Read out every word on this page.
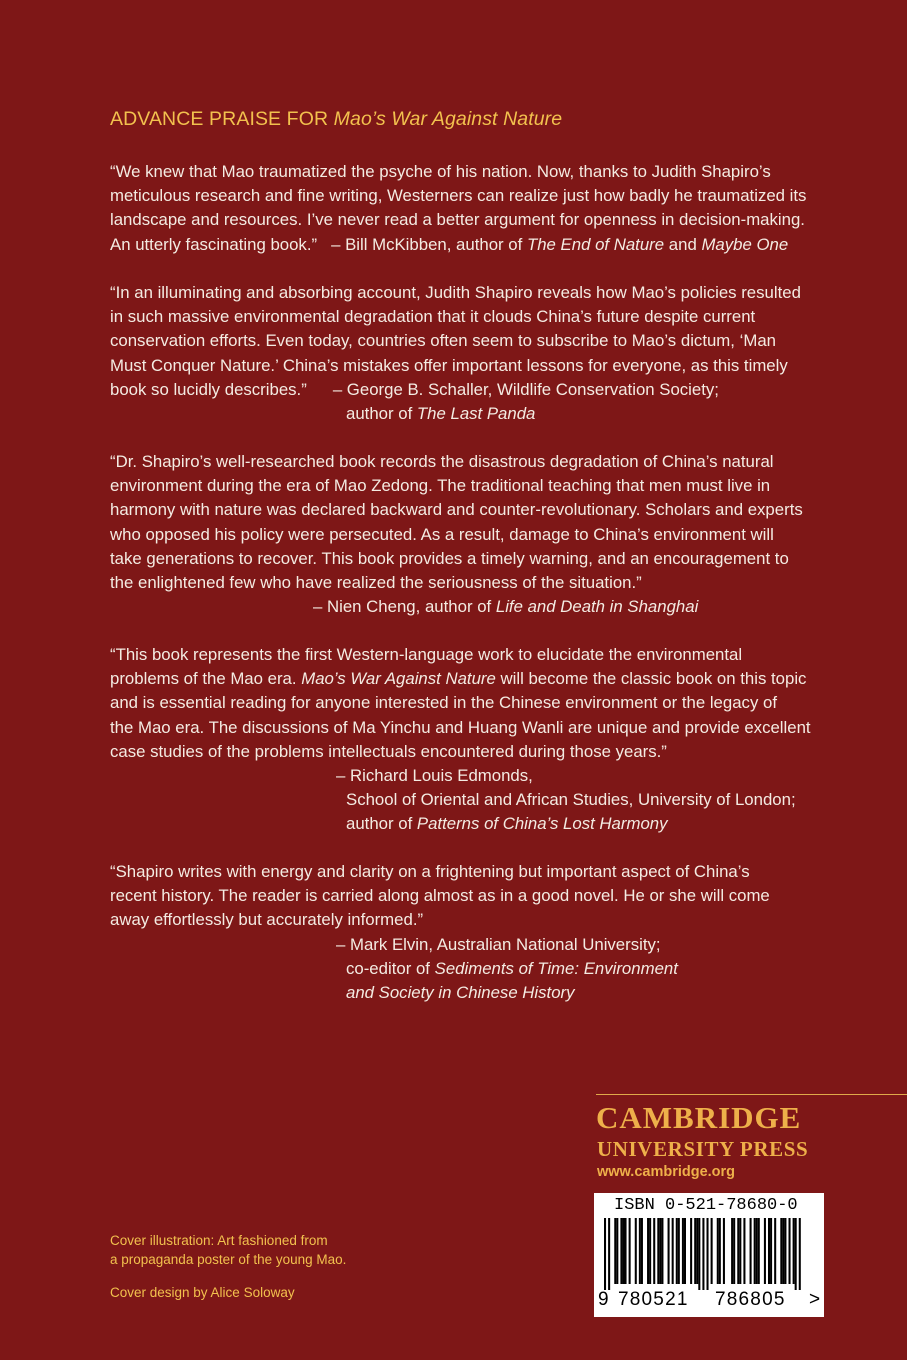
ADVANCE PRAISE FOR Mao’s War Against Nature
“We knew that Mao traumatized the psyche of his nation. Now, thanks to Judith Shapiro’s
meticulous research and fine writing, Westerners can realize just how badly he traumatized its
landscape and resources. I’ve never read a better argument for openness in decision-making.
An utterly fascinating book.” – Bill McKibben, author of The End of Nature and Maybe One
“In an illuminating and absorbing account, Judith Shapiro reveals how Mao’s policies resulted
in such massive environmental degradation that it clouds China’s future despite current
conservation efforts. Even today, countries often seem to subscribe to Mao’s dictum, ‘Man
Must Conquer Nature.’ China’s mistakes offer important lessons for everyone, as this timely
book so lucidly describes.” – George B. Schaller, Wildlife Conservation Society;
author of The Last Panda
“Dr. Shapiro’s well-researched book records the disastrous degradation of China’s natural
environment during the era of Mao Zedong. The traditional teaching that men must live in
harmony with nature was declared backward and counter-revolutionary. Scholars and experts
who opposed his policy were persecuted. As a result, damage to China’s environment will
take generations to recover. This book provides a timely warning, and an encouragement to
the enlightened few who have realized the seriousness of the situation.”
– Nien Cheng, author of Life and Death in Shanghai
“This book represents the first Western-language work to elucidate the environmental
problems of the Mao era. Mao’s War Against Nature will become the classic book on this topic
and is essential reading for anyone interested in the Chinese environment or the legacy of
the Mao era. The discussions of Ma Yinchu and Huang Wanli are unique and provide excellent
case studies of the problems intellectuals encountered during those years.”
– Richard Louis Edmonds,
School of Oriental and African Studies, University of London;
author of Patterns of China’s Lost Harmony
“Shapiro writes with energy and clarity on a frightening but important aspect of China’s
recent history. The reader is carried along almost as in a good novel. He or she will come
away effortlessly but accurately informed.”
– Mark Elvin, Australian National University;
co-editor of Sediments of Time: Environment
and Society in Chinese History
CAMBRIDGE
UNIVERSITY PRESS
www.cambridge.org
ISBN 0-521-78680-0
9 780521 786805 >
Cover illustration: Art fashioned from
a propaganda poster of the young Mao.
Cover design by Alice Soloway
